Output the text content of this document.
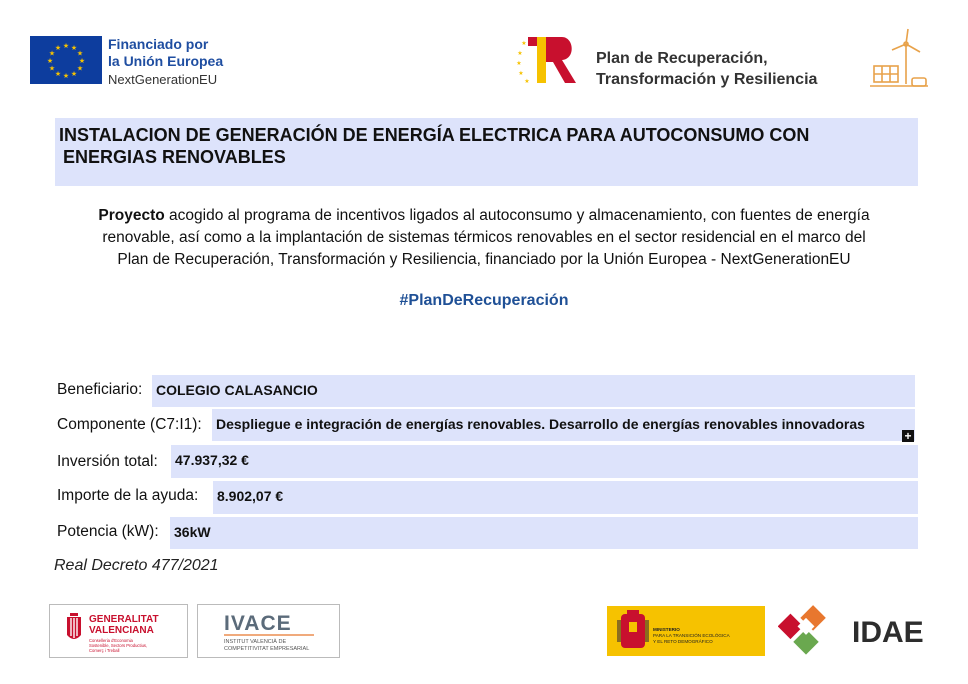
★ ★
★
★
★
★
★
★
★
★
★
★	Financiado por
la Unión Europea
NextGenerationEU
★
★
★
★
★
Plan de Recuperación,
Transformación y Resiliencia
INSTALACION DE GENERACIÓN DE ENERGÍA ELECTRICA PARA AUTOCONSUMO CON
ENERGIAS RENOVABLES
Proyecto acogido al programa de incentivos ligados al autoconsumo y almacenamiento, con fuentes de energía
renovable, así como a la implantación de sistemas térmicos renovables en el sector residencial en el marco del
Plan de Recuperación, Transformación y Resiliencia, financiado por la Unión Europea - NextGenerationEU
#PlanDeRecuperación
Beneficiario: COLEGIO CALASANCIO
Componente (C7:I1): Despliegue e integración de energías renovables. Desarrollo de energías renovables innovadoras
+
Inversión total: 47.937,32 €
Importe de la ayuda: 8.902,07 €
Potencia (kW): 36kW
Real Decreto 477/2021
GENERALITAT
VALENCIANA
Conselleria d'Economia
Sostenible, Sectors Productius,
Comerç i Treball
IVACE
INSTITUT VALENCIÀ DE
COMPETITIVITAT EMPRESARIAL
MINISTERIO
PARA LA TRANSICIÓN ECOLÓGICA
Y EL RETO DEMOGRÁFICO	IDAE
